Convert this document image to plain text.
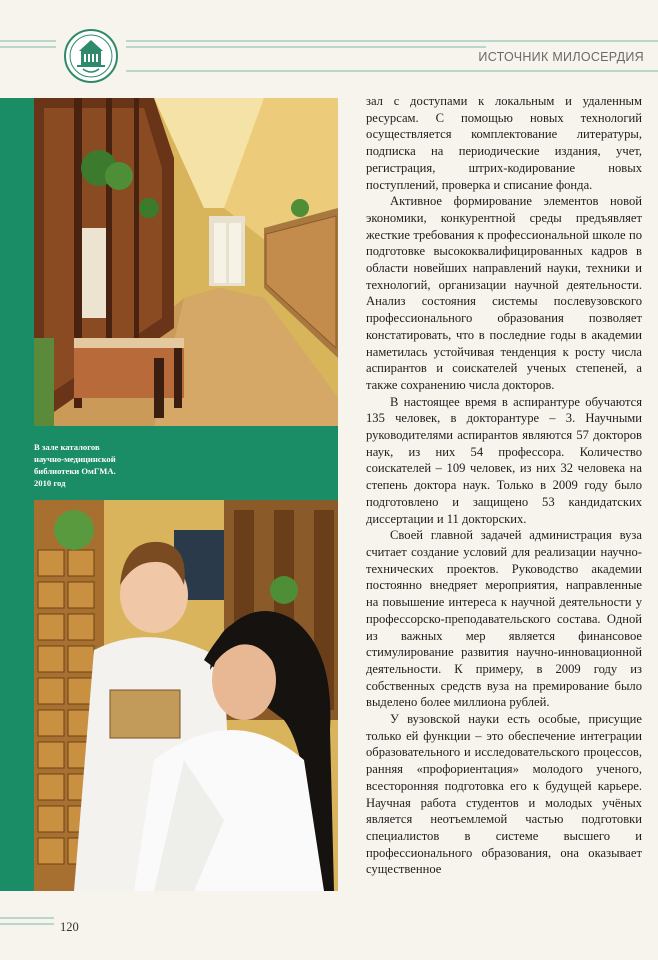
ИСТОЧНИК МИЛОСЕРДИЯ
В зале каталогов
научно-медицинской
библиотеки ОмГМА.
2010 год

зал с доступами к локальным и удаленным ресурсам. С помощью новых технологий осуществляется комплектование литературы, подписка на периодические издания, учет, регистрация, штрих-кодирование новых поступлений, проверка и списание фонда.

Активное формирование элементов новой экономики, конкурентной среды предъявляет жесткие требования к профессиональной школе по подготовке высококвалифицированных кадров в области новейших направлений науки, техники и технологий, организации научной деятельности. Анализ состояния системы послевузовского профессионального образования позволяет констатировать, что в последние годы в академии наметилась устойчивая тенденция к росту числа аспирантов и соискателей ученых степеней, а также сохранению числа докторов.

В настоящее время в аспирантуре обучаются 135 человек, в докторантуре – 3. Научными руководителями аспирантов являются 57 докторов наук, из них 54 профессора. Количество соискателей – 109 человек, из них 32 человека на степень доктора наук. Только в 2009 году было подготовлено и защищено 53 кандидатских диссертации и 11 докторских.

Своей главной задачей администрация вуза считает создание условий для реализации научно-технических проектов. Руководство академии постоянно внедряет мероприятия, направленные на повышение интереса к научной деятельности у профессорско-преподавательского состава. Одной из важных мер является финансовое стимулирование развития научно-инновационной деятельности. К примеру, в 2009 году из собственных средств вуза на премирование было выделено более миллиона рублей.

У вузовской науки есть особые, присущие только ей функции – это обеспечение интеграции образовательного и исследовательского процессов, ранняя «профориентация» молодого ученого, всесторонняя подготовка его к будущей карьере. Научная работа студентов и молодых учёных является неотъемлемой частью подготовки специалистов в системе высшего и профессионального образования, она оказывает существенное

120
